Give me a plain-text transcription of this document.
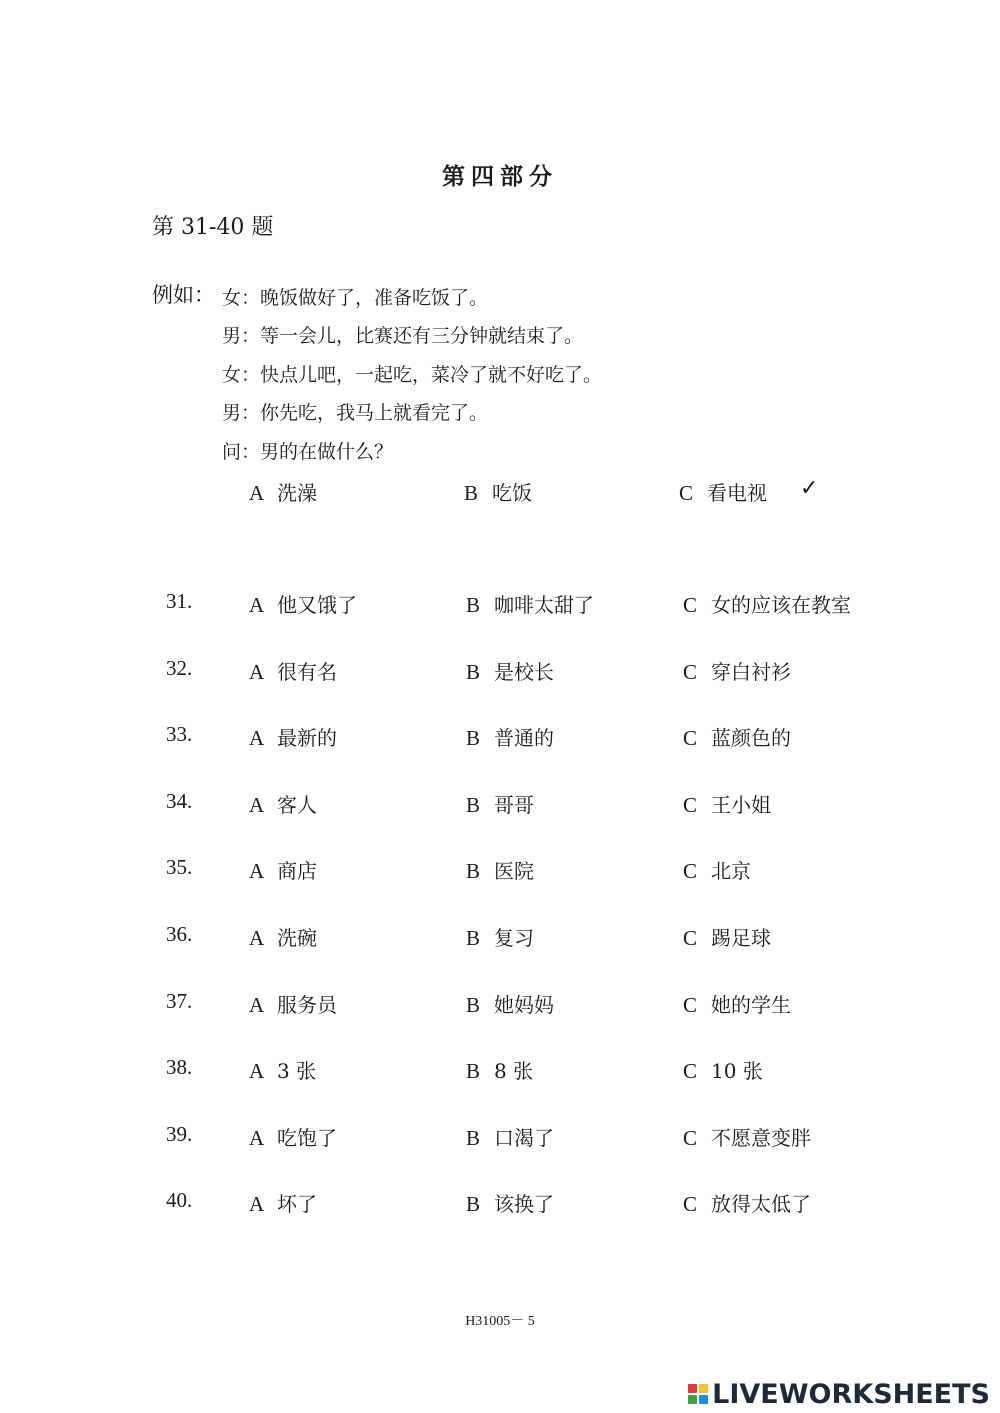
第四部分
第 31-40 题
例如： 女：晚饭做好了，准备吃饭了。
男：等一会儿，比赛还有三分钟就结束了。
女：快点儿吧，一起吃，菜冷了就不好吃了。
男：你先吃，我马上就看完了。
问：男的在做什么？
A 洗澡	B 吃饭	C 看电视 ✓
31.	A 他又饿了	B 咖啡太甜了	C 女的应该在教室
32.	A 很有名	B 是校长	C 穿白衬衫
33.	A 最新的	B 普通的	C 蓝颜色的
34.	A 客人	B 哥哥	C 王小姐
35.	A 商店	B 医院	C 北京
36.	A 洗碗	B 复习	C 踢足球
37.	A 服务员	B 她妈妈	C 她的学生
38.	A 3 张	B 8 张	C 10 张
39.	A 吃饱了	B 口渴了	C 不愿意变胖
40.	A 坏了	B 该换了	C 放得太低了
H31005－ 5
LIVEWORKSHEETS
